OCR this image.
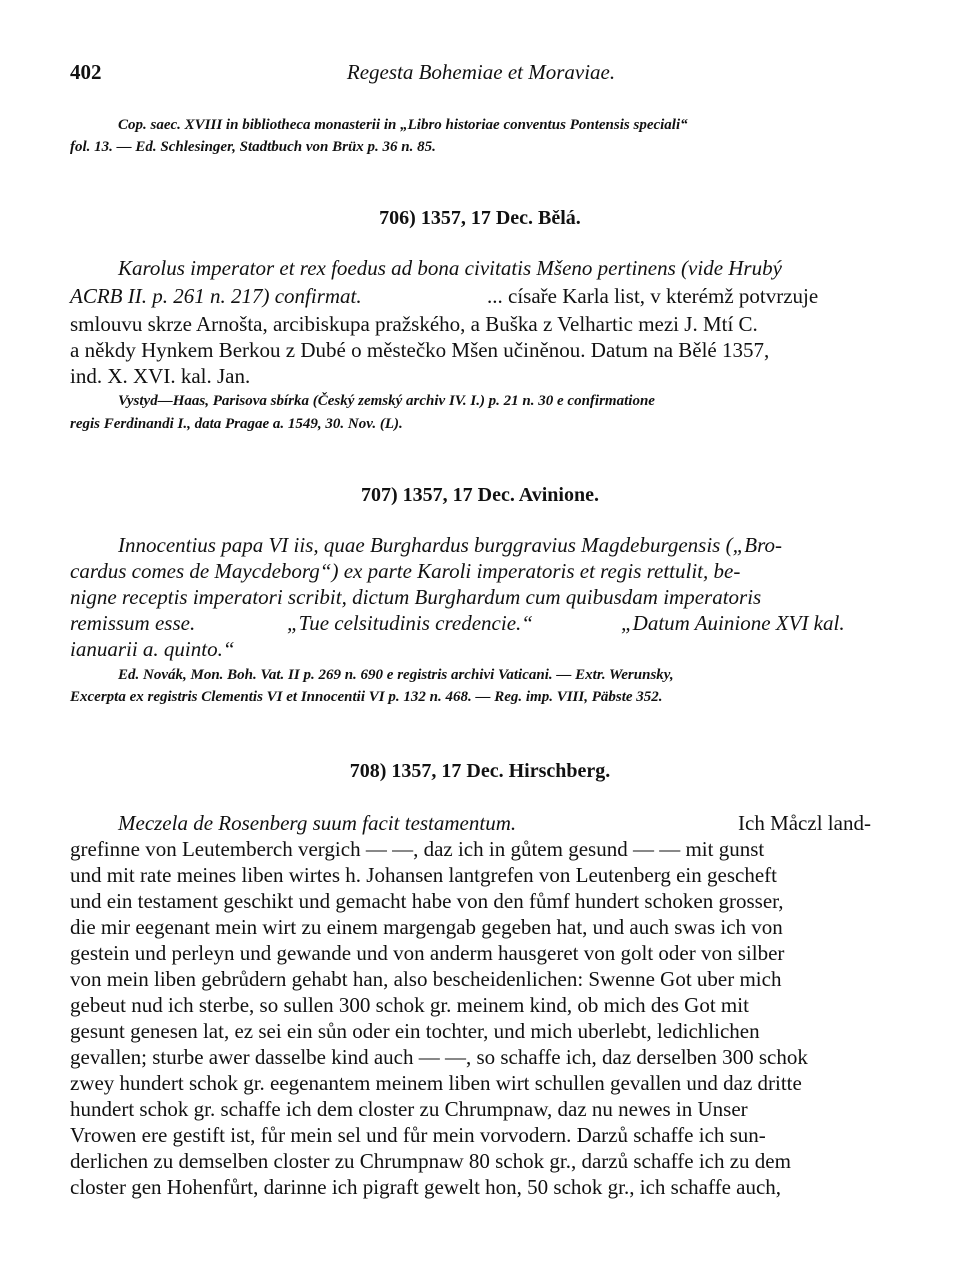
402	Regesta Bohemiae et Moraviae.
Cop. saec. XVIII in bibliotheca monasterii in „Libro historiae conventus Pontensis speciali“
fol. 13. — Ed. Schlesinger, Stadtbuch von Brüx p. 36 n. 85.
706) 1357, 17 Dec. Bělá.
Karolus imperator et rex foedus ad bona civitatis Mšeno pertinens (vide Hrubý
ACRB II. p. 261 n. 217) confirmat.	... císaře Karla list, v kterémž potvrzuje
smlouvu skrze Arnošta, arcibiskupa pražského, a Buška z Velhartic mezi J. Mtí C.
a někdy Hynkem Berkou z Dubé o městečko Mšen učiněnou. Datum na Bělé 1357,
ind. X. XVI. kal. Jan.
Vystyd—Haas, Parisova sbírka (Český zemský archiv IV. I.) p. 21 n. 30 e confirmatione
regis Ferdinandi I., data Pragae a. 1549, 30. Nov. (L).
707) 1357, 17 Dec. Avinione.
Innocentius papa VI iis, quae Burghardus burggravius Magdeburgensis („Bro-
cardus comes de Maycdeborg“) ex parte Karoli imperatoris et regis rettulit, be-
nigne receptis imperatori scribit, dictum Burghardum cum quibusdam imperatoris
remissum esse.	„Tue celsitudinis credencie.“	„Datum Auinione XVI kal.
ianuarii a. quinto.“
Ed. Novák, Mon. Boh. Vat. II p. 269 n. 690 e registris archivi Vaticani. — Extr. Werunsky,
Excerpta ex registris Clementis VI et Innocentii VI p. 132 n. 468. — Reg. imp. VIII, Päbste 352.
708) 1357, 17 Dec. Hirschberg.
Meczela de Rosenberg suum facit testamentum.	Ich Måczl land-
grefinne von Leutemberch vergich — —, daz ich in gůtem gesund — — mit gunst
und mit rate meines liben wirtes h. Johansen lantgrefen von Leutenberg ein gescheft
und ein testament geschikt und gemacht habe von den fůmf hundert schoken grosser,
die mir eegenant mein wirt zu einem margengab gegeben hat, und auch swas ich von
gestein und perleyn und gewande und von anderm hausgeret von golt oder von silber
von mein liben gebrůdern gehabt han, also bescheidenlichen: Swenne Got uber mich
gebeut nud ich sterbe, so sullen 300 schok gr. meinem kind, ob mich des Got mit
gesunt genesen lat, ez sei ein sůn oder ein tochter, und mich uberlebt, ledichlichen
gevallen; sturbe awer dasselbe kind auch — —, so schaffe ich, daz derselben 300 schok
zwey hundert schok gr. eegenantem meinem liben wirt schullen gevallen und daz dritte
hundert schok gr. schaffe ich dem closter zu Chrumpnaw, daz nu newes in Unser
Vrowen ere gestift ist, fůr mein sel und fůr mein vorvodern. Darzů schaffe ich sun-
derlichen zu demselben closter zu Chrumpnaw 80 schok gr., darzů schaffe ich zu dem
closter gen Hohenfůrt, darinne ich pigraft gewelt hon, 50 schok gr., ich schaffe auch,
